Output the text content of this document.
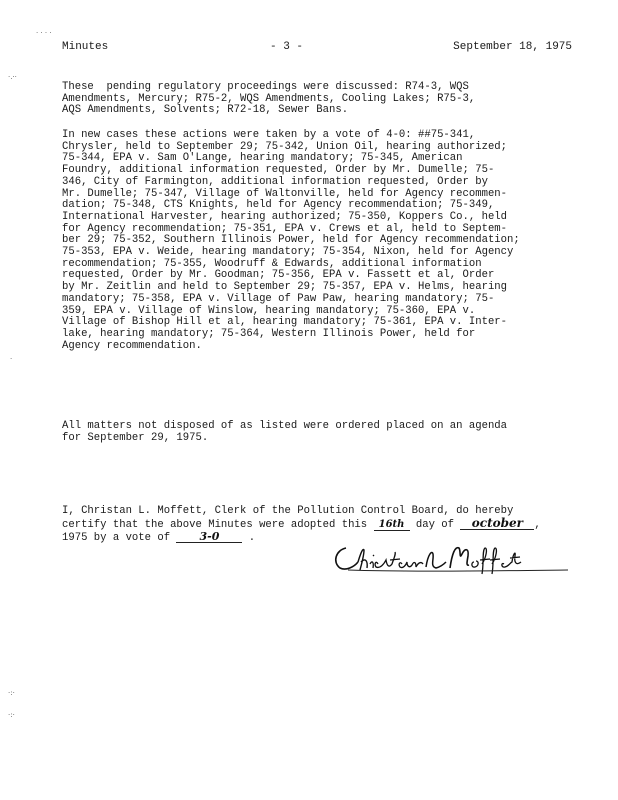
· · · ·
·.··
·
·:·
·:·
Minutes	- 3 -	September 18, 1975
These  pending regulatory proceedings were discussed: R74-3, WQS
Amendments, Mercury; R75-2, WQS Amendments, Cooling Lakes; R75-3,
AQS Amendments, Solvents; R72-18, Sewer Bans.
In new cases these actions were taken by a vote of 4-0: ##75-341,
Chrysler, held to September 29; 75-342, Union Oil, hearing authorized;
75-344, EPA v. Sam O'Lange, hearing mandatory; 75-345, American
Foundry, additional information requested, Order by Mr. Dumelle; 75-
346, City of Farmington, additional information requested, Order by
Mr. Dumelle; 75-347, Village of Waltonville, held for Agency recommen-
dation; 75-348, CTS Knights, held for Agency recommendation; 75-349,
International Harvester, hearing authorized; 75-350, Koppers Co., held
for Agency recommendation; 75-351, EPA v. Crews et al, held to Septem-
ber 29; 75-352, Southern Illinois Power, held for Agency recommendation;
75-353, EPA v. Weide, hearing mandatory; 75-354, Nixon, held for Agency
recommendation; 75-355, Woodruff & Edwards, additional information
requested, Order by Mr. Goodman; 75-356, EPA v. Fassett et al, Order
by Mr. Zeitlin and held to September 29; 75-357, EPA v. Helms, hearing
mandatory; 75-358, EPA v. Village of Paw Paw, hearing mandatory; 75-
359, EPA v. Village of Winslow, hearing mandatory; 75-360, EPA v.
Village of Bishop Hill et al, hearing mandatory; 75-361, EPA v. Inter-
lake, hearing mandatory; 75-364, Western Illinois Power, held for
Agency recommendation.
All matters not disposed of as listed were ordered placed on an agenda
for September 29, 1975.
I, Christan L. Moffett, Clerk of the Pollution Control Board, do hereby
certify that the above Minutes were adopted this 16th day of october ,
1975 by a vote of 3-0 .
